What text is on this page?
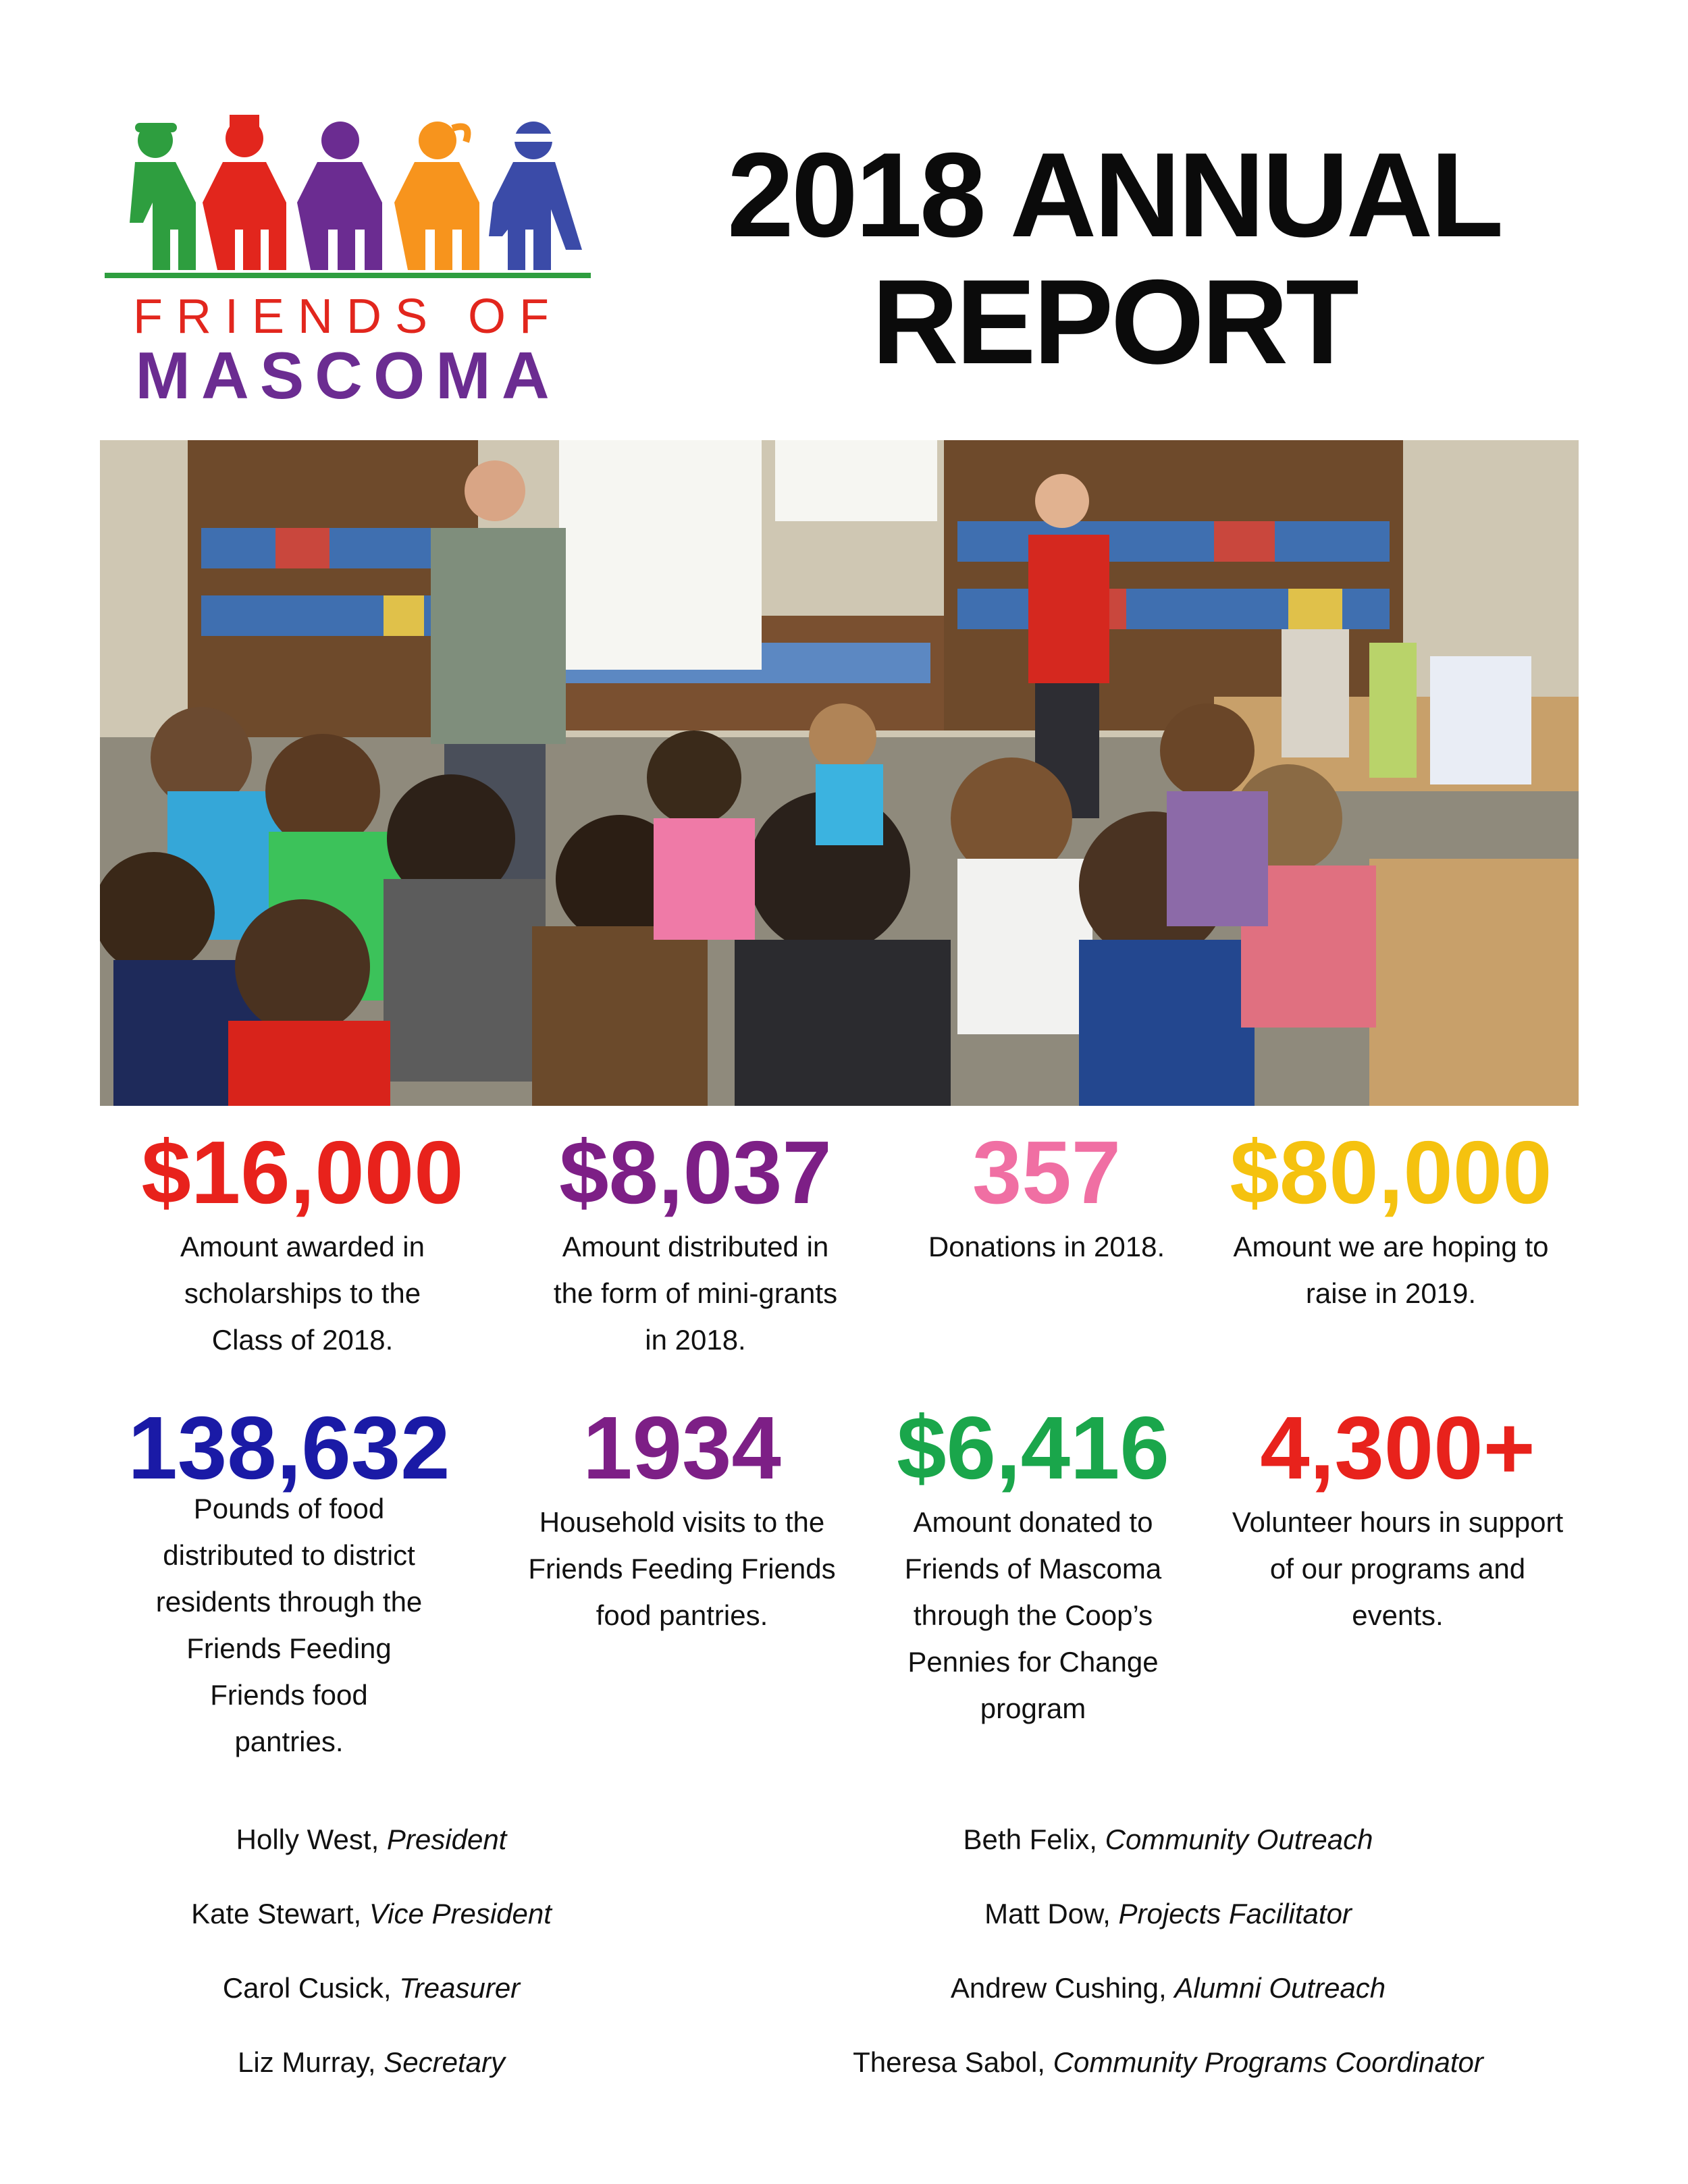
FRIENDS OF
MASCOMA
2018 ANNUAL
REPORT
$16,000
Amount awarded in scholarships to the Class of 2018.
$8,037
Amount distributed in the form of mini-grants in 2018.
357
Donations in 2018.
$80,000
Amount we are hoping to raise in 2019.
138,632
Pounds of food distributed to district residents through the Friends Feeding Friends food pantries.
1934
Household visits to the Friends Feeding Friends food pantries.
$6,416
Amount donated to Friends of Mascoma through the Coop’s Pennies for Change program
4,300+
Volunteer hours in support of our programs and events.
Holly West, President
Kate Stewart, Vice President
Carol Cusick, Treasurer
Liz Murray, Secretary
Beth Felix, Community Outreach
Matt Dow, Projects Facilitator
Andrew Cushing, Alumni Outreach
Theresa Sabol, Community Programs Coordinator
